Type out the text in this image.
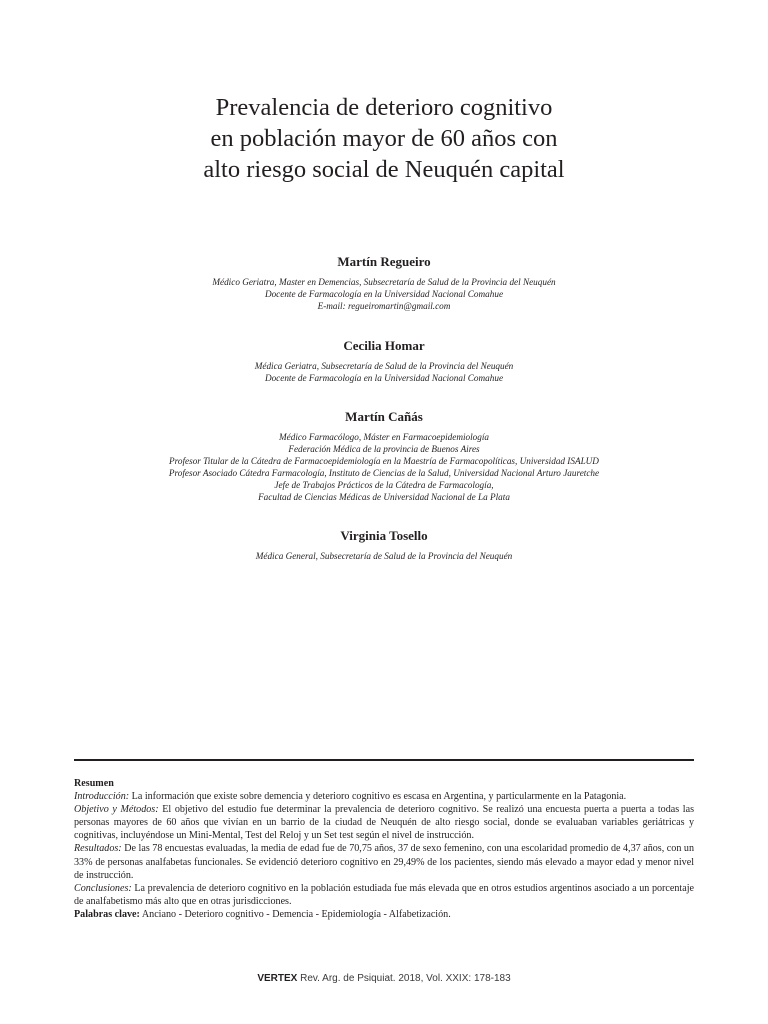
Prevalencia de deterioro cognitivo
en población mayor de 60 años con
alto riesgo social de Neuquén capital

Martín Regueiro

Médico Geriatra, Master en Demencias, Subsecretaría de Salud de la Provincia del Neuquén
Docente de Farmacología en la Universidad Nacional Comahue
E-mail: regueiromartin@gmail.com

Cecilia Homar

Médica Geriatra, Subsecretaría de Salud de la Provincia del Neuquén
Docente de Farmacología en la Universidad Nacional Comahue

Martín Cañás

Médico Farmacólogo, Máster en Farmacoepidemiología
Federación Médica de la provincia de Buenos Aires
Profesor Titular de la Cátedra de Farmacoepidemiología en la Maestría de Farmacopolíticas, Universidad ISALUD
Profesor Asociado Cátedra Farmacología, Instituto de Ciencias de la Salud, Universidad Nacional Arturo Jauretche
Jefe de Trabajos Prácticos de la Cátedra de Farmacología,
Facultad de Ciencias Médicas de Universidad Nacional de La Plata

Virginia Tosello

Médica General, Subsecretaría de Salud de la Provincia del Neuquén

Resumen

Introducción: La información que existe sobre demencia y deterioro cognitivo es escasa en Argentina, y particularmente en la Patagonia.

Objetivo y Métodos: El objetivo del estudio fue determinar la prevalencia de deterioro cognitivo. Se realizó una encuesta puerta a puerta a todas las personas mayores de 60 años que vivían en un barrio de la ciudad de Neuquén de alto riesgo social, donde se evaluaban variables geriátricas y cognitivas, incluyéndose un Mini-Mental, Test del Reloj y un Set test según el nivel de instrucción.

Resultados: De las 78 encuestas evaluadas, la media de edad fue de 70,75 años, 37 de sexo femenino, con una escolaridad promedio de 4,37 años, con un 33% de personas analfabetas funcionales. Se evidenció deterioro cognitivo en 29,49% de los pacientes, siendo más elevado a mayor edad y menor nivel de instrucción.

Conclusiones: La prevalencia de deterioro cognitivo en la población estudiada fue más elevada que en otros estudios argentinos asociado a un porcentaje de analfabetismo más alto que en otras jurisdicciones.

Palabras clave: Anciano - Deterioro cognitivo - Demencia - Epidemiología - Alfabetización.

VERTEX Rev. Arg. de Psiquiat. 2018, Vol. XXIX: 178-183
